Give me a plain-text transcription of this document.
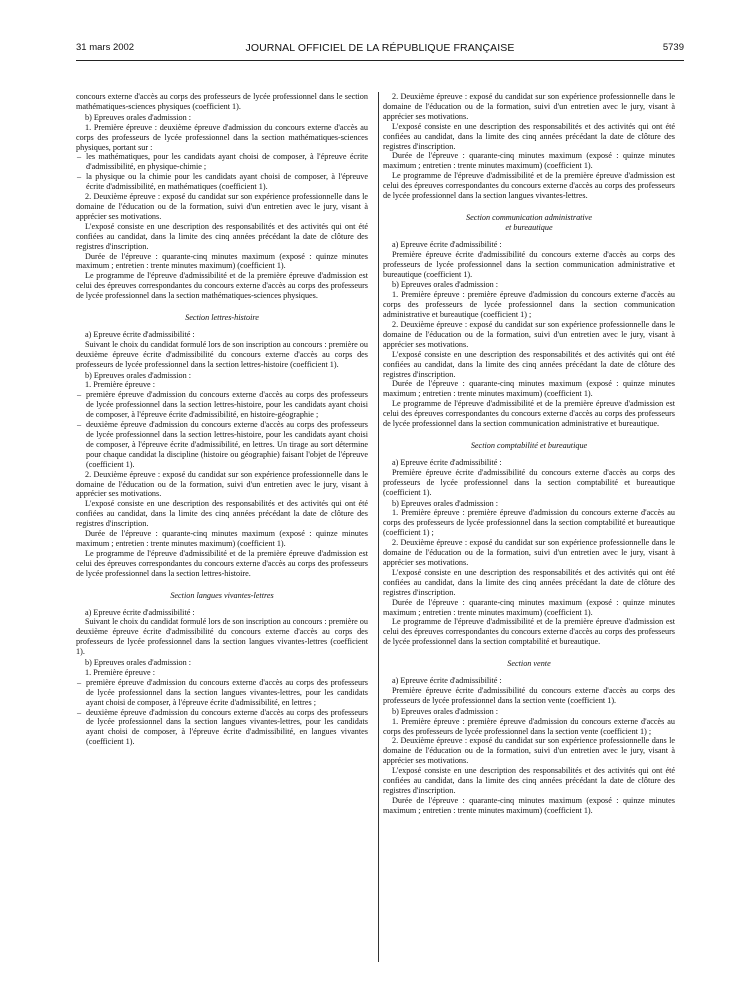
31 mars 2002	JOURNAL OFFICIEL DE LA RÉPUBLIQUE FRANÇAISE	5739

concours externe d'accès au corps des professeurs de lycée professionnel dans le section mathématiques-sciences physiques (coefficient 1).

b) Epreuves orales d'admission :

1. Première épreuve : deuxième épreuve d'admission du concours externe d'accès au corps des professeurs de lycée professionnel dans la section mathématiques-sciences physiques, portant sur :

– les mathématiques, pour les candidats ayant choisi de composer, à l'épreuve écrite d'admissibilité, en physique-chimie ;
– la physique ou la chimie pour les candidats ayant choisi de composer, à l'épreuve écrite d'admissibilité, en mathématiques (coefficient 1).

2. Deuxième épreuve : exposé du candidat sur son expérience professionnelle dans le domaine de l'éducation ou de la formation, suivi d'un entretien avec le jury, visant à apprécier ses motivations.

L'exposé consiste en une description des responsabilités et des activités qui ont été confiées au candidat, dans la limite des cinq années précédant la date de clôture des registres d'inscription.

Durée de l'épreuve : quarante-cinq minutes maximum (exposé : quinze minutes maximum ; entretien : trente minutes maximum) (coefficient 1).

Le programme de l'épreuve d'admissibilité et de la première épreuve d'admission est celui des épreuves correspondantes du concours externe d'accès au corps des professeurs de lycée professionnel dans la section mathématiques-sciences physiques.

Section lettres-histoire

a) Epreuve écrite d'admissibilité :

Suivant le choix du candidat formulé lors de son inscription au concours : première ou deuxième épreuve écrite d'admissibilité du concours externe d'accès au corps des professeurs de lycée professionnel dans la section lettres-histoire (coefficient 1).

b) Epreuves orales d'admission :

1. Première épreuve :

– première épreuve d'admission du concours externe d'accès au corps des professeurs de lycée professionnel dans la section lettres-histoire, pour les candidats ayant choisi de composer, à l'épreuve écrite d'admissibilité, en histoire-géographie ;
– deuxième épreuve d'admission du concours externe d'accès au corps des professeurs de lycée professionnel dans la section lettres-histoire, pour les candidats ayant choisi de composer, à l'épreuve écrite d'admissibilité, en lettres. Un tirage au sort détermine pour chaque candidat la discipline (histoire ou géographie) faisant l'objet de l'épreuve (coefficient 1).

2. Deuxième épreuve : exposé du candidat sur son expérience professionnelle dans le domaine de l'éducation ou de la formation, suivi d'un entretien avec le jury, visant à apprécier ses motivations.

L'exposé consiste en une description des responsabilités et des activités qui ont été confiées au candidat, dans la limite des cinq années précédant la date de clôture des registres d'inscription.

Durée de l'épreuve : quarante-cinq minutes maximum (exposé : quinze minutes maximum ; entretien : trente minutes maximum) (coefficient 1).

Le programme de l'épreuve d'admissibilité et de la première épreuve d'admission est celui des épreuves correspondantes du concours externe d'accès au corps des professeurs de lycée professionnel dans la section lettres-histoire.

Section langues vivantes-lettres

a) Epreuve écrite d'admissibilité :

Suivant le choix du candidat formulé lors de son inscription au concours : première ou deuxième épreuve écrite d'admissibilité du concours externe d'accès au corps des professeurs de lycée professionnel dans la section langues vivantes-lettres (coefficient 1).

b) Epreuves orales d'admission :

1. Première épreuve :

– première épreuve d'admission du concours externe d'accès au corps des professeurs de lycée professionnel dans la section langues vivantes-lettres, pour les candidats ayant choisi de composer, à l'épreuve écrite d'admissibilité, en lettres ;
– deuxième épreuve d'admission du concours externe d'accès au corps des professeurs de lycée professionnel dans la section langues vivantes-lettres, pour les candidats ayant choisi de composer, à l'épreuve écrite d'admissibilité, en langues vivantes (coefficient 1).

2. Deuxième épreuve : exposé du candidat sur son expérience professionnelle dans le domaine de l'éducation ou de la formation, suivi d'un entretien avec le jury, visant à apprécier ses motivations.

L'exposé consiste en une description des responsabilités et des activités qui ont été confiées au candidat, dans la limite des cinq années précédant la date de clôture des registres d'inscription.

Durée de l'épreuve : quarante-cinq minutes maximum (exposé : quinze minutes maximum ; entretien : trente minutes maximum) (coefficient 1).

Le programme de l'épreuve d'admissibilité et de la première épreuve d'admission est celui des épreuves correspondantes du concours externe d'accès au corps des professeurs de lycée professionnel dans la section langues vivantes-lettres.

Section communication administrative

et bureautique

a) Epreuve écrite d'admissibilité :

Première épreuve écrite d'admissibilité du concours externe d'accès au corps des professeurs de lycée professionnel dans la section communication administrative et bureautique (coefficient 1).

b) Epreuves orales d'admission :

1. Première épreuve : première épreuve d'admission du concours externe d'accès au corps des professeurs de lycée professionnel dans la section communication administrative et bureautique (coefficient 1) ;

2. Deuxième épreuve : exposé du candidat sur son expérience professionnelle dans le domaine de l'éducation ou de la formation, suivi d'un entretien avec le jury, visant à apprécier ses motivations.

L'exposé consiste en une description des responsabilités et des activités qui ont été confiées au candidat, dans la limite des cinq années précédant la date de clôture des registres d'inscription.

Durée de l'épreuve : quarante-cinq minutes maximum (exposé : quinze minutes maximum ; entretien : trente minutes maximum) (coefficient 1).

Le programme de l'épreuve d'admissibilité et de la première épreuve d'admission est celui des épreuves correspondantes du concours externe d'accès au corps des professeurs de lycée professionnel dans la section communication administrative et bureautique.

Section comptabilité et bureautique

a) Epreuve écrite d'admissibilité :

Première épreuve écrite d'admissibilité du concours externe d'accès au corps des professeurs de lycée professionnel dans la section comptabilité et bureautique (coefficient 1).

b) Epreuves orales d'admission :

1. Première épreuve : première épreuve d'admission du concours externe d'accès au corps des professeurs de lycée professionnel dans la section comptabilité et bureautique (coefficient 1) ;

2. Deuxième épreuve : exposé du candidat sur son expérience professionnelle dans le domaine de l'éducation ou de la formation, suivi d'un entretien avec le jury, visant à apprécier ses motivations.

L'exposé consiste en une description des responsabilités et des activités qui ont été confiées au candidat, dans la limite des cinq années précédant la date de clôture des registres d'inscription.

Durée de l'épreuve : quarante-cinq minutes maximum (exposé : quinze minutes maximum ; entretien : trente minutes maximum) (coefficient 1).

Le programme de l'épreuve d'admissibilité et de la première épreuve d'admission est celui des épreuves correspondantes du concours externe d'accès au corps des professeurs de lycée professionnel dans la section comptabilité et bureautique.

Section vente

a) Epreuve écrite d'admissibilité :

Première épreuve écrite d'admissibilité du concours externe d'accès au corps des professeurs de lycée professionnel dans la section vente (coefficient 1).

b) Epreuves orales d'admission :

1. Première épreuve : première épreuve d'admission du concours externe d'accès au corps des professeurs de lycée professionnel dans la section vente (coefficient 1) ;

2. Deuxième épreuve : exposé du candidat sur son expérience professionnelle dans le domaine de l'éducation ou de la formation, suivi d'un entretien avec le jury, visant à apprécier ses motivations.

L'exposé consiste en une description des responsabilités et des activités qui ont été confiées au candidat, dans la limite des cinq années précédant la date de clôture des registres d'inscription.

Durée de l'épreuve : quarante-cinq minutes maximum (exposé : quinze minutes maximum ; entretien : trente minutes maximum) (coefficient 1).
